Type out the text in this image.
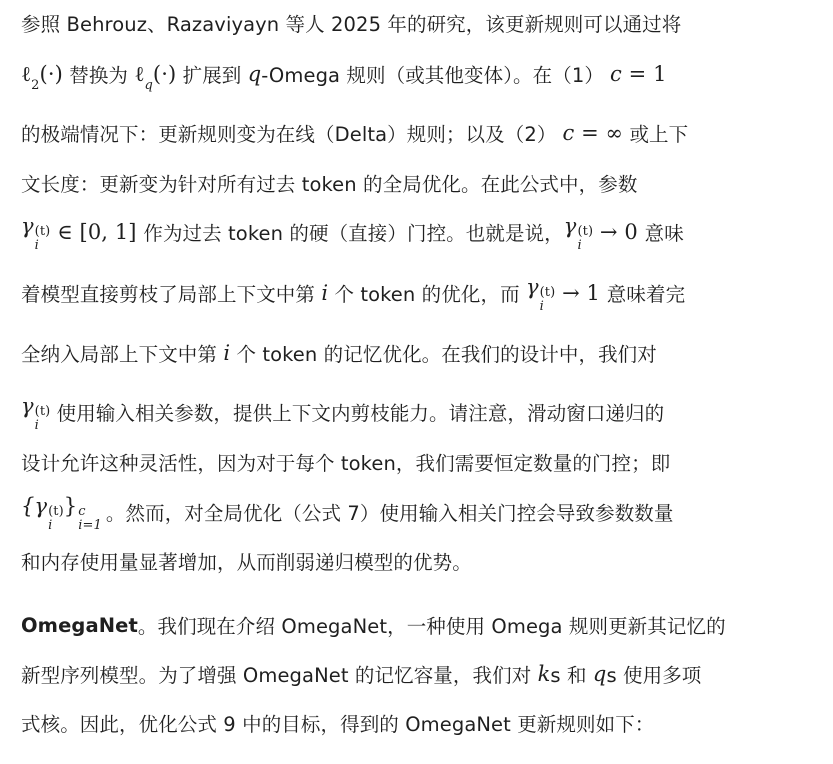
参照 Behrouz、Razaviyayn 等人 2025 年的研究，该更新规则可以通过将
ℓ$_2$(·) 替换为 ℓ$_q$(·) 扩展到 q -Omega 规则（或其他变体）。在（1） c = 1
的极端情况下：更新规则变为在线（Delta）规则；以及（2） c = ∞ 或上下
文长度：更新变为针对所有过去 token 的全局优化。在此公式中，参数
γ (t)
i
∈ [0, 1] 作为过去 token 的硬（直接）门控。也就是说， γ (t)
i
→ 0 意味
着模型直接剪枝了局部上下文中第 i 个 token 的优化，而 γ (t)
i
→ 1 意味着完
全纳入局部上下文中第 i 个 token 的记忆优化。在我们的设计中，我们对
γ (t)
i 使用输入相关参数，提供上下文内剪枝能力。请注意，滑动窗口递归的
设计允许这种灵活性，因为对于每个 token，我们需要恒定数量的门控；即
{γ (t)
i
} c
i=1 。然而，对全局优化（公式 7）使用输入相关门控会导致参数数量
和内存使用量显著增加，从而削弱递归模型的优势。
OmegaNet 。我们现在介绍 OmegaNet，一种使用 Omega 规则更新其记忆的
新型序列模型。为了增强 OmegaNet 的记忆容量，我们对 k s 和 q s 使用多项
式核。因此，优化公式 9 中的目标，得到的 OmegaNet 更新规则如下：
